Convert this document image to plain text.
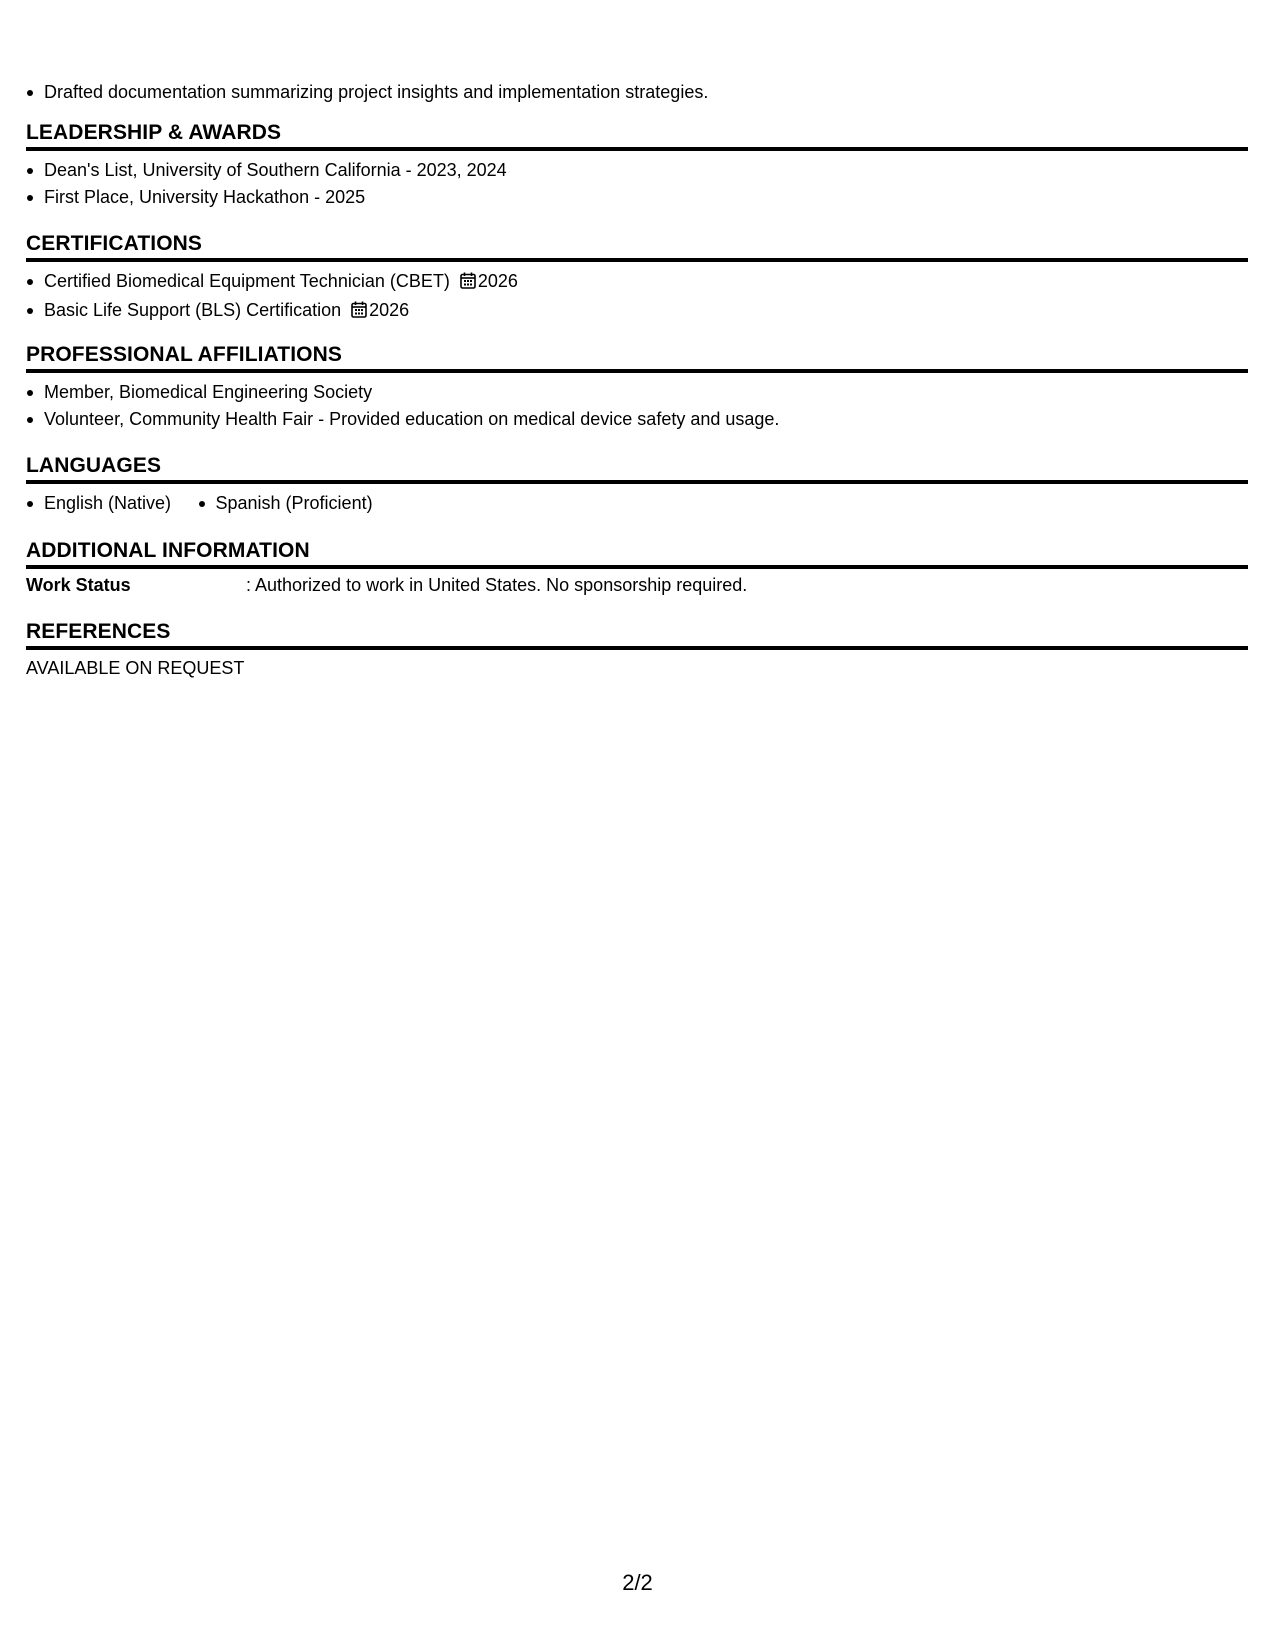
Drafted documentation summarizing project insights and implementation strategies.
LEADERSHIP & AWARDS
Dean's List, University of Southern California - 2023, 2024
First Place, University Hackathon - 2025
CERTIFICATIONS
Certified Biomedical Equipment Technician (CBET) 2026
Basic Life Support (BLS) Certification 2026
PROFESSIONAL AFFILIATIONS
Member, Biomedical Engineering Society
Volunteer, Community Health Fair - Provided education on medical device safety and usage.
LANGUAGES
English (Native) Spanish (Proficient)
ADDITIONAL INFORMATION
Work Status	: Authorized to work in United States. No sponsorship required.
REFERENCES
AVAILABLE ON REQUEST
2/2
